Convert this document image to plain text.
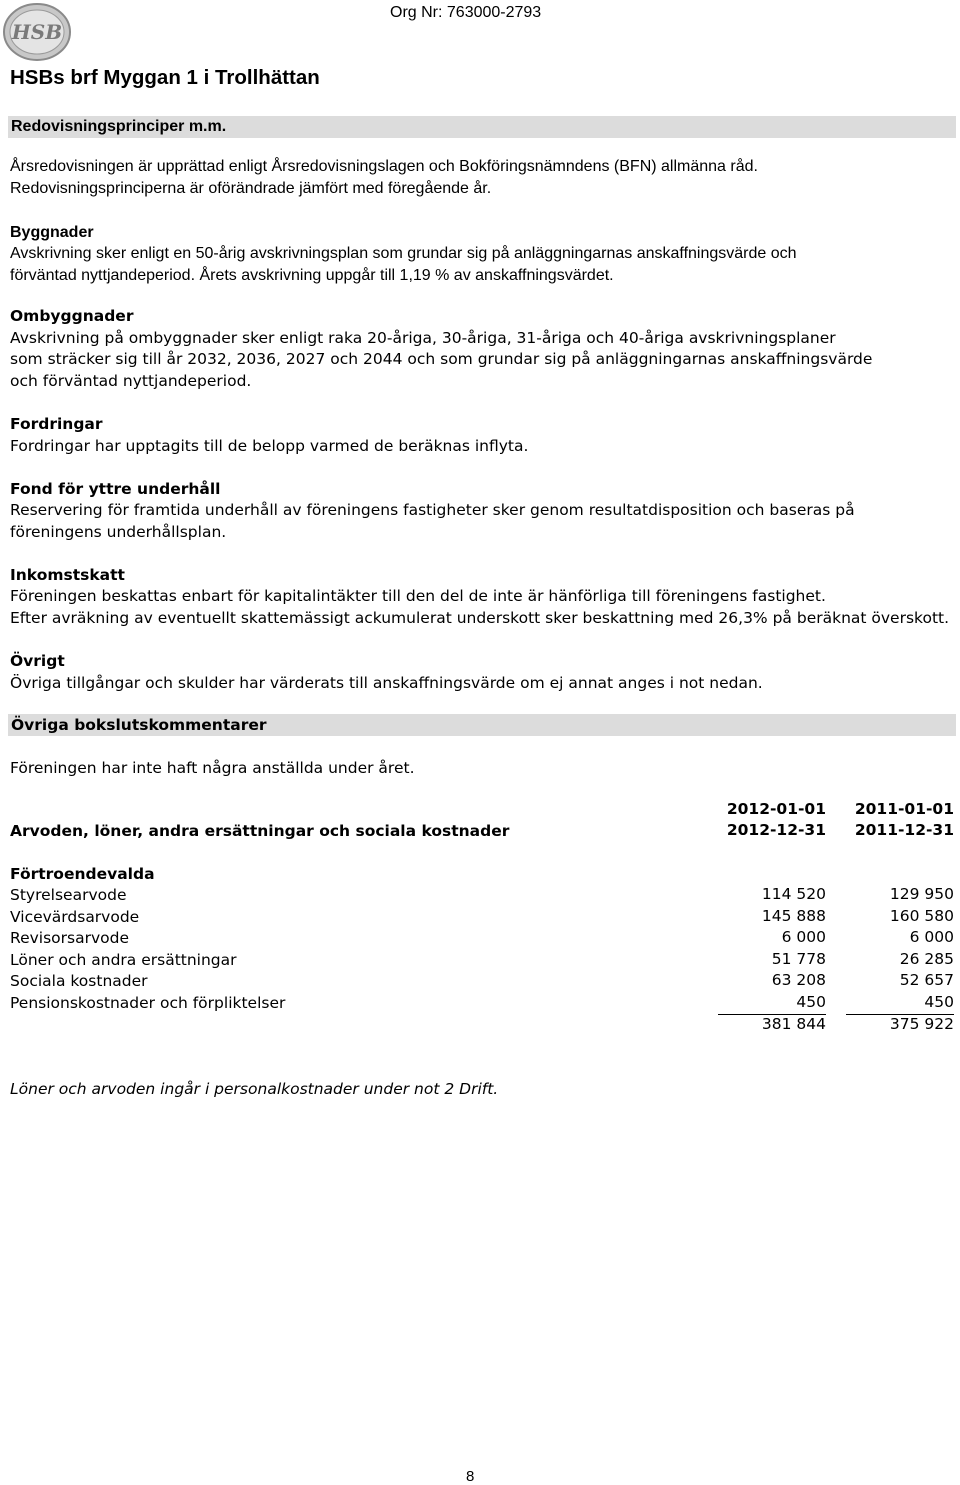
HSB
Org Nr: 763000-2793
HSBs brf Myggan 1 i Trollhättan
Redovisningsprinciper m.m.
Årsredovisningen är upprättad enligt Årsredovisningslagen och Bokföringsnämndens (BFN) allmänna råd.
Redovisningsprinciperna är oförändrade jämfört med föregående år.
Byggnader
Avskrivning sker enligt en 50-årig avskrivningsplan som grundar sig på anläggningarnas anskaffningsvärde och
förväntad nyttjandeperiod. Årets avskrivning uppgår till 1,19 % av anskaffningsvärdet.
Ombyggnader
Avskrivning på ombyggnader sker enligt raka 20-åriga, 30-åriga, 31-åriga och 40-åriga avskrivningsplaner
som sträcker sig till år 2032, 2036, 2027 och 2044 och som grundar sig på anläggningarnas anskaffningsvärde
och förväntad nyttjandeperiod.
Fordringar
Fordringar har upptagits till de belopp varmed de beräknas inflyta.
Fond för yttre underhåll
Reservering för framtida underhåll av föreningens fastigheter sker genom resultatdisposition och baseras på
föreningens underhållsplan.
Inkomstskatt
Föreningen beskattas enbart för kapitalintäkter till den del de inte är hänförliga till föreningens fastighet.
Efter avräkning av eventuellt skattemässigt ackumulerat underskott sker beskattning med 26,3% på beräknat överskott.
Övrigt
Övriga tillgångar och skulder har värderats till anskaffningsvärde om ej annat anges i not nedan.
Övriga bokslutskommentarer
Föreningen har inte haft några anställda under året.
2012-01-01 2011-01-01
Arvoden, löner, andra ersättningar och sociala kostnader	2012-12-31 2011-12-31
Förtroendevalda
Styrelsearvode	114 520	129 950
Vicevärdsarvode	145 888	160 580
Revisorsarvode	6 000	6 000
Löner och andra ersättningar	51 778	26 285
Sociala kostnader	63 208	52 657
Pensionskostnader och förpliktelser	450	450
381 844	375 922
Löner och arvoden ingår i personalkostnader under not 2 Drift.
8
